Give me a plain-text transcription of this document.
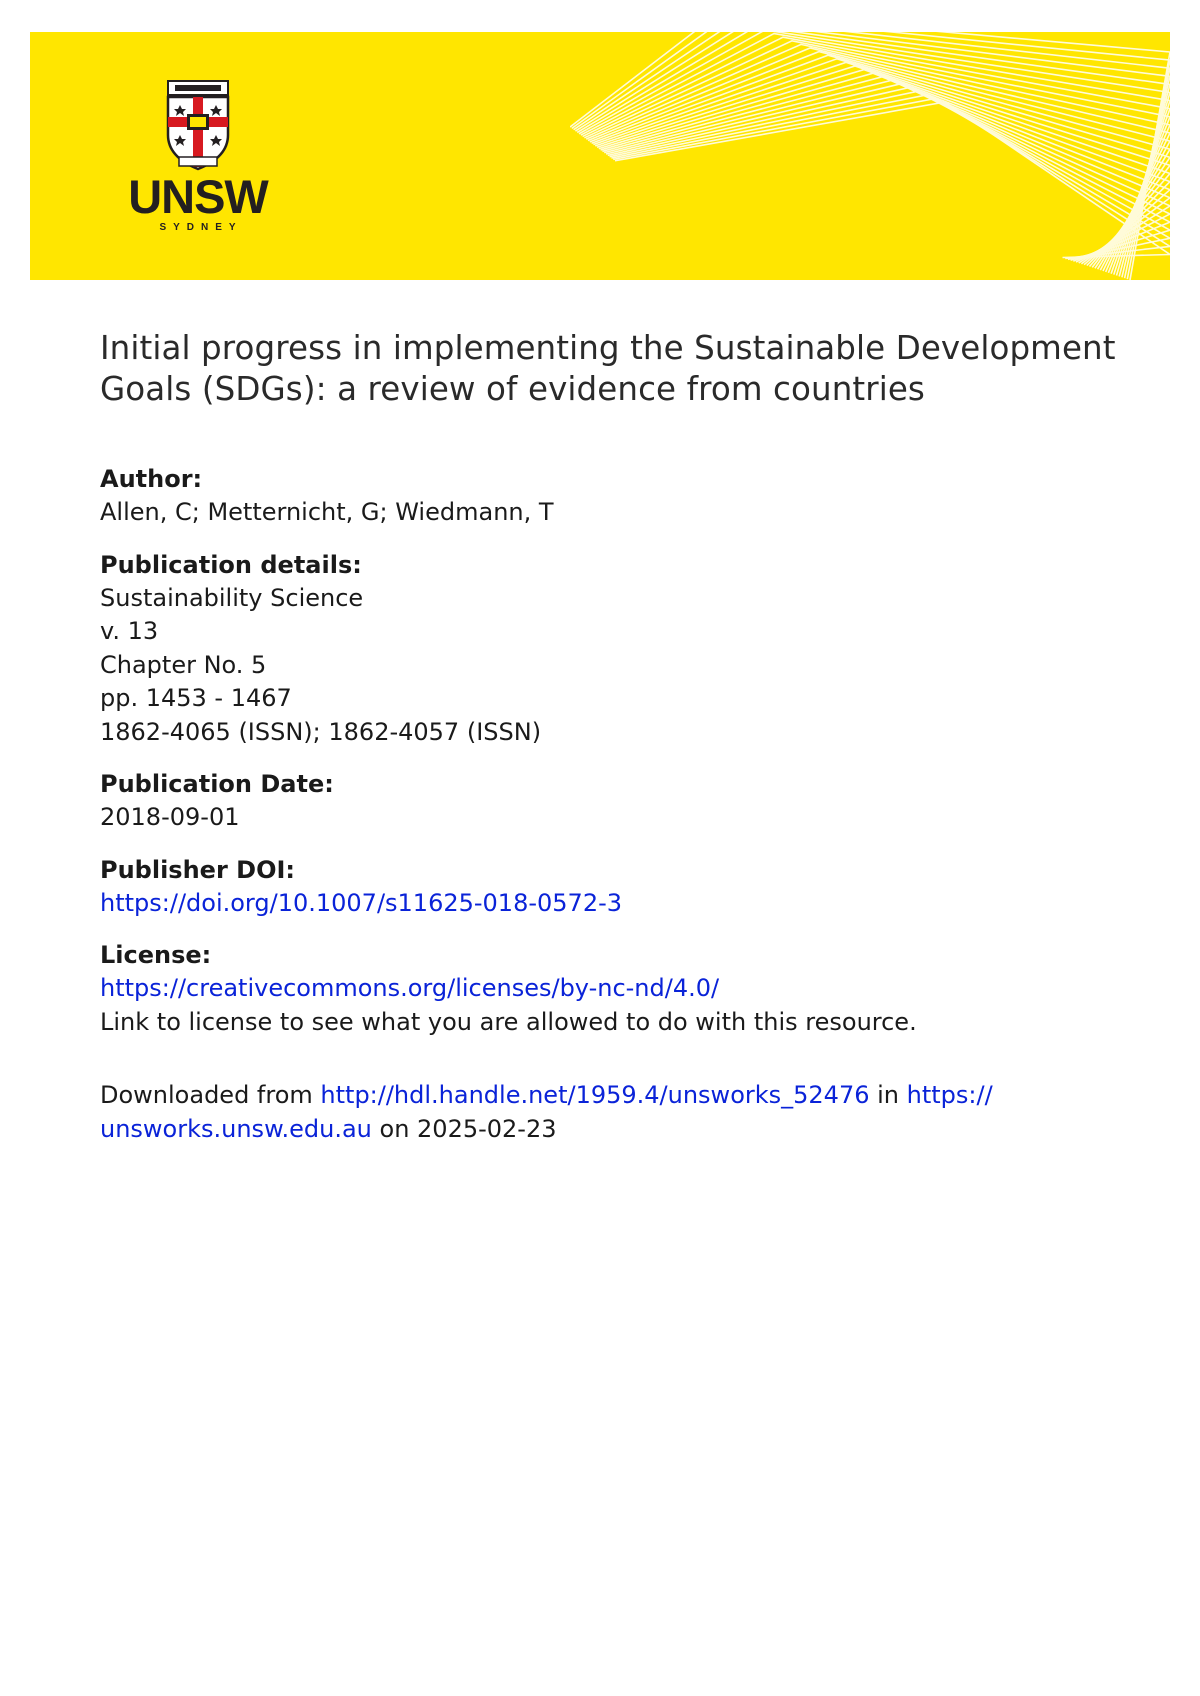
UNSW
SYDNEY
Initial progress in implementing the Sustainable Development Goals (SDGs): a review of evidence from countries
Author:
Allen, C; Metternicht, G; Wiedmann, T
Publication details:
Sustainability Science
v. 13
Chapter No. 5
pp. 1453 - 1467
1862-4065 (ISSN); 1862-4057 (ISSN)
Publication Date:
2018-09-01
Publisher DOI:
https://doi.org/10.1007/s11625-018-0572-3
License:
https://creativecommons.org/licenses/by-nc-nd/4.0/
Link to license to see what you are allowed to do with this resource.
Downloaded from http://hdl.handle.net/1959.4/unsworks_52476 in https://
unsworks.unsw.edu.au on 2025-02-23
